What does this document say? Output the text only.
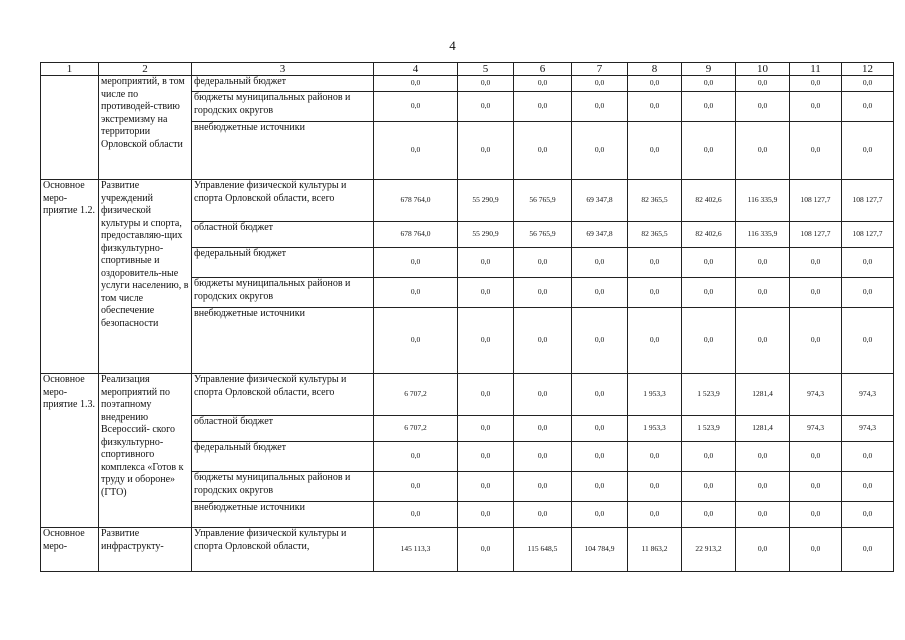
4
1	2	3	4	5	6	7	8	9	10	11	12
	мероприятий, в том числе по противодей-ствию экстремизму на территории Орловской области	федеральный бюджет	0,0	0,0	0,0	0,0	0,0	0,0	0,0	0,0	0,0
		бюджеты муниципальных районов и городских округов	0,0	0,0	0,0	0,0	0,0	0,0	0,0	0,0	0,0
		внебюджетные источники	0,0	0,0	0,0	0,0	0,0	0,0	0,0	0,0	0,0
Основное меро-приятие 1.2.	Развитие учреждений физической культуры и спорта, предоставляю-щих физкультурно-спортивные и оздоровитель-ные услуги населению, в том числе обеспечение безопасности	Управление физической культуры и спорта Орловской области, всего	678 764,0	55 290,9	56 765,9	69 347,8	82 365,5	82 402,6	116 335,9	108 127,7	108 127,7
		областной бюджет	678 764,0	55 290,9	56 765,9	69 347,8	82 365,5	82 402,6	116 335,9	108 127,7	108 127,7
		федеральный бюджет	0,0	0,0	0,0	0,0	0,0	0,0	0,0	0,0	0,0
		бюджеты муниципальных районов и городских округов	0,0	0,0	0,0	0,0	0,0	0,0	0,0	0,0	0,0
		внебюджетные источники	0,0	0,0	0,0	0,0	0,0	0,0	0,0	0,0	0,0
Основное меро-приятие 1.3.	Реализация мероприятий по поэтапному внедрению Всероссий- ского физкультурно- спортивного комплекса «Готов к труду и обороне» (ГТО)	Управление физической культуры и спорта Орловской области, всего	6 707,2	0,0	0,0	0,0	1 953,3	1 523,9	1281,4	974,3	974,3
		областной бюджет	6 707,2	0,0	0,0	0,0	1 953,3	1 523,9	1281,4	974,3	974,3
		федеральный бюджет	0,0	0,0	0,0	0,0	0,0	0,0	0,0	0,0	0,0
		бюджеты муниципальных районов и городских округов	0,0	0,0	0,0	0,0	0,0	0,0	0,0	0,0	0,0
		внебюджетные источники	0,0	0,0	0,0	0,0	0,0	0,0	0,0	0,0	0,0
Основное меро-	Развитие инфраструкту-	Управление физической культуры и спорта Орловской области,	145 113,3	0,0	115 648,5	104 784,9	11 863,2	22 913,2	0,0	0,0	0,0
